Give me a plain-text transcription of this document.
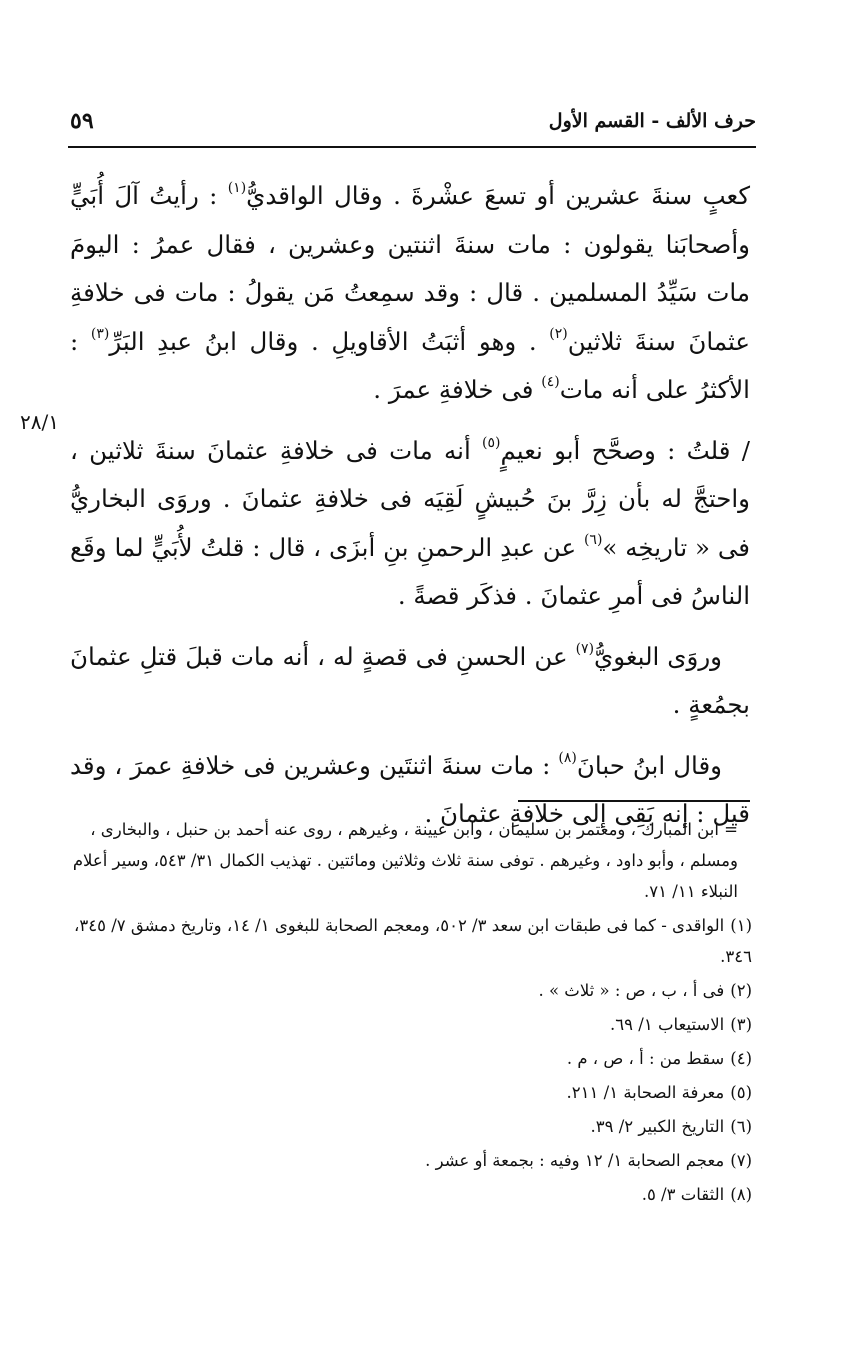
حرف الألف - القسم الأول
٥٩
٢٨/١

كعبٍ سنةَ عشرين أو تسعَ عشْرةَ . وقال الواقديُّ$^{(١)}$ : رأيتُ آلَ أُبَيٍّ وأصحابَنا يقولون : مات سنةَ اثنتين وعشرين ، فقال عمرُ : اليومَ مات سَيِّدُ المسلمين . قال : وقد سمِعتُ مَن يقولُ : مات فى خلافةِ عثمانَ سنةَ ثلاثين$^{(٢)}$ . وهو أثبَتُ الأقاويلِ . وقال ابنُ عبدِ البَرِّ$^{(٣)}$ : الأكثرُ على أنه مات$^{(٤)}$ فى خلافةِ عمرَ .

/ قلتُ : وصحَّح أبو نعيمٍ$^{(٥)}$ أنه مات فى خلافةِ عثمانَ سنةَ ثلاثين ، واحتجَّ له بأن زِرَّ بنَ حُبيشٍ لَقِيَه فى خلافةِ عثمانَ . وروَى البخاريُّ فى « تاريخِه »$^{(٦)}$ عن عبدِ الرحمنِ بنِ أبزَى ، قال : قلتُ لأُبَيٍّ لما وقَع الناسُ فى أمرِ عثمانَ . فذكَر قصةً .

وروَى البغويُّ$^{(٧)}$ عن الحسنِ فى قصةٍ له ، أنه مات قبلَ قتلِ عثمانَ بجمُعةٍ .

وقال ابنُ حبانَ$^{(٨)}$ : مات سنةَ اثنتَين وعشرين فى خلافةِ عمرَ ، وقد قيل : إنه بَقِى إلى خلافةِ عثمانَ .

= ابن المبارك ، ومعتمر بن سليمان ، وابن عيينة ، وغيرهم ، روى عنه أحمد بن حنبل ، والبخارى ، ومسلم ، وأبو داود ، وغيرهم . توفى سنة ثلاث وثلاثين ومائتين . تهذيب الكمال ٣١/ ٥٤٣، وسير أعلام النبلاء ١١/ ٧١.

(١)الواقدى - كما فى طبقات ابن سعد ٣/ ٥٠٢، ومعجم الصحابة للبغوى ١/ ١٤، وتاريخ دمشق ٧/ ٣٤٥، ٣٤٦.

(٢)فى أ ، ب ، ص : « ثلاث » .

(٣)الاستيعاب ١/ ٦٩.

(٤)سقط من : أ ، ص ، م .

(٥)معرفة الصحابة ١/ ٢١١.

(٦)التاريخ الكبير ٢/ ٣٩.

(٧)معجم الصحابة ١/ ١٢ وفيه : بجمعة أو عشر .

(٨)الثقات ٣/ ٥.
